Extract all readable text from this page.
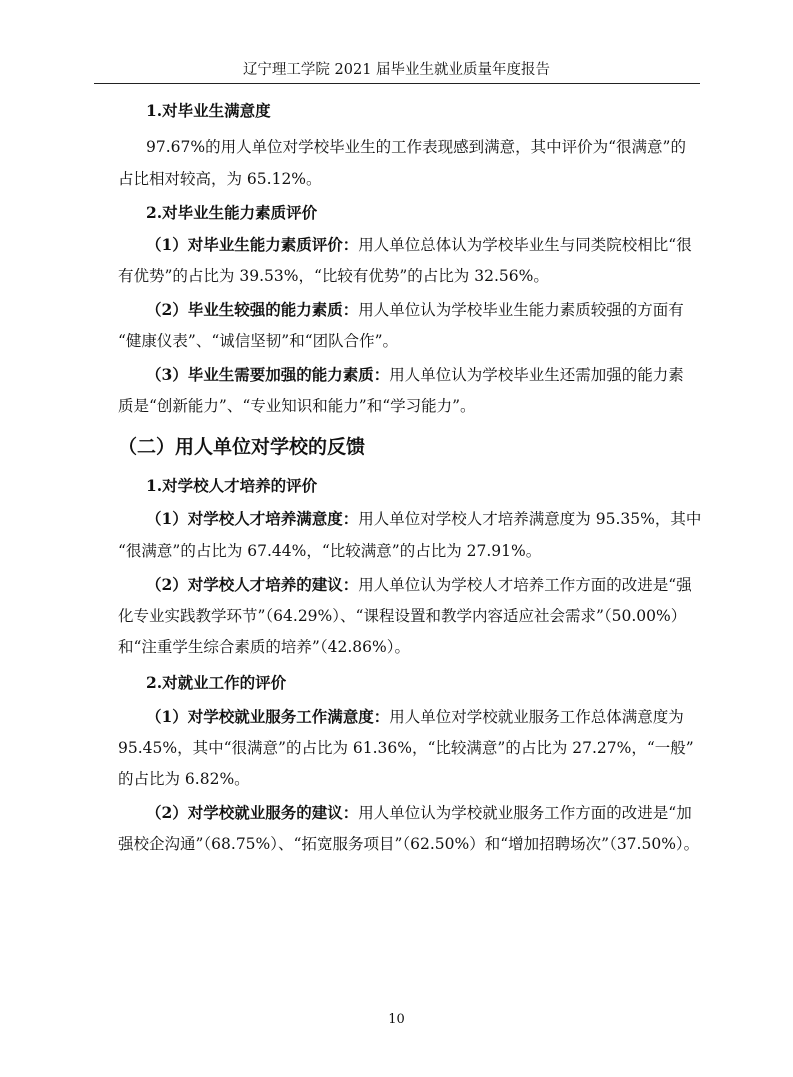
辽宁理工学院 2021 届毕业生就业质量年度报告
1.对毕业生满意度
97.67%的用人单位对学校毕业生的工作表现感到满意，其中评价为“很满意”的
占比相对较高，为 65.12%。
2.对毕业生能力素质评价
（1）对毕业生能力素质评价：用人单位总体认为学校毕业生与同类院校相比“很
有优势”的占比为 39.53%，“比较有优势”的占比为 32.56%。
（2）毕业生较强的能力素质：用人单位认为学校毕业生能力素质较强的方面有
“健康仪表”、“诚信坚韧”和“团队合作”。
（3）毕业生需要加强的能力素质：用人单位认为学校毕业生还需加强的能力素
质是“创新能力”、“专业知识和能力”和“学习能力”。
（二）用人单位对学校的反馈
1.对学校人才培养的评价
（1）对学校人才培养满意度：用人单位对学校人才培养满意度为 95.35%，其中
“很满意”的占比为 67.44%，“比较满意”的占比为 27.91%。
（2）对学校人才培养的建议：用人单位认为学校人才培养工作方面的改进是“强
化专业实践教学环节”（64.29%）、“课程设置和教学内容适应社会需求”（50.00%）
和“注重学生综合素质的培养”（42.86%）。
2.对就业工作的评价
（1）对学校就业服务工作满意度：用人单位对学校就业服务工作总体满意度为
95.45%，其中“很满意”的占比为 61.36%，“比较满意”的占比为 27.27%，“一般”
的占比为 6.82%。
（2）对学校就业服务的建议：用人单位认为学校就业服务工作方面的改进是“加
强校企沟通”（68.75%）、“拓宽服务项目”（62.50%）和“增加招聘场次”（37.50%）。
10
